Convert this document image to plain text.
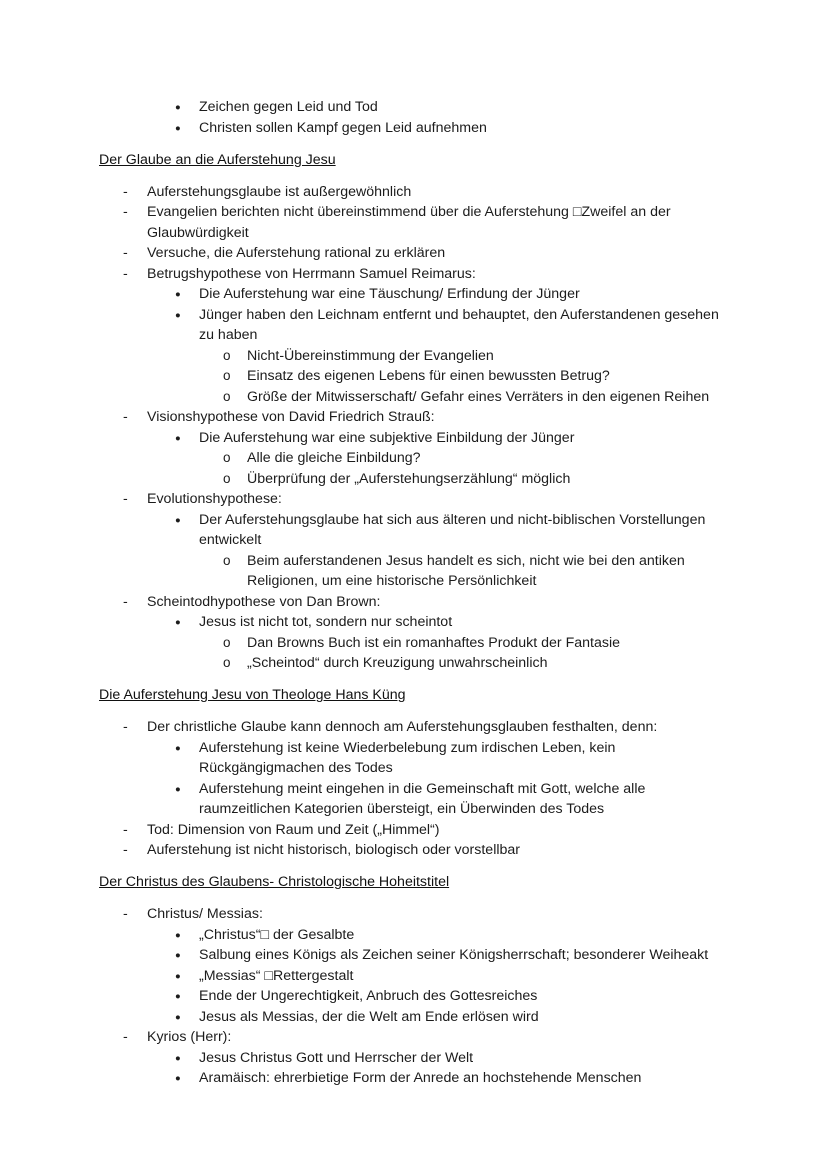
● Zeichen gegen Leid und Tod
● Christen sollen Kampf gegen Leid aufnehmen
Der Glaube an die Auferstehung Jesu
- Auferstehungsglaube ist außergewöhnlich
- Evangelien berichten nicht übereinstimmend über die Auferstehung □Zweifel an der Glaubwürdigkeit
- Versuche, die Auferstehung rational zu erklären
- Betrugshypothese von Herrmann Samuel Reimarus:
● Die Auferstehung war eine Täuschung/ Erfindung der Jünger
● Jünger haben den Leichnam entfernt und behauptet, den Auferstandenen gesehen zu haben
o Nicht-Übereinstimmung der Evangelien
o Einsatz des eigenen Lebens für einen bewussten Betrug?
o Größe der Mitwisserschaft/ Gefahr eines Verräters in den eigenen Reihen
- Visionshypothese von David Friedrich Strauß:
● Die Auferstehung war eine subjektive Einbildung der Jünger
o Alle die gleiche Einbildung?
o Überprüfung der „Auferstehungserzählung“ möglich
- Evolutionshypothese:
● Der Auferstehungsglaube hat sich aus älteren und nicht-biblischen Vorstellungen entwickelt
o Beim auferstandenen Jesus handelt es sich, nicht wie bei den antiken Religionen, um eine historische Persönlichkeit
- Scheintodhypothese von Dan Brown:
● Jesus ist nicht tot, sondern nur scheintot
o Dan Browns Buch ist ein romanhaftes Produkt der Fantasie
o „Scheintod“ durch Kreuzigung unwahrscheinlich
Die Auferstehung Jesu von Theologe Hans Küng
- Der christliche Glaube kann dennoch am Auferstehungsglauben festhalten, denn:
● Auferstehung ist keine Wiederbelebung zum irdischen Leben, kein Rückgängigmachen des Todes
● Auferstehung meint eingehen in die Gemeinschaft mit Gott, welche alle raumzeitlichen Kategorien übersteigt, ein Überwinden des Todes
- Tod: Dimension von Raum und Zeit („Himmel“)
- Auferstehung ist nicht historisch, biologisch oder vorstellbar
Der Christus des Glaubens- Christologische Hoheitstitel
- Christus/ Messias:
● „Christus“□ der Gesalbte
● Salbung eines Königs als Zeichen seiner Königsherrschaft; besonderer Weiheakt
● „Messias“ □Rettergestalt
● Ende der Ungerechtigkeit, Anbruch des Gottesreiches
● Jesus als Messias, der die Welt am Ende erlösen wird
- Kyrios (Herr):
● Jesus Christus Gott und Herrscher der Welt
● Aramäisch: ehrerbietige Form der Anrede an hochstehende Menschen
